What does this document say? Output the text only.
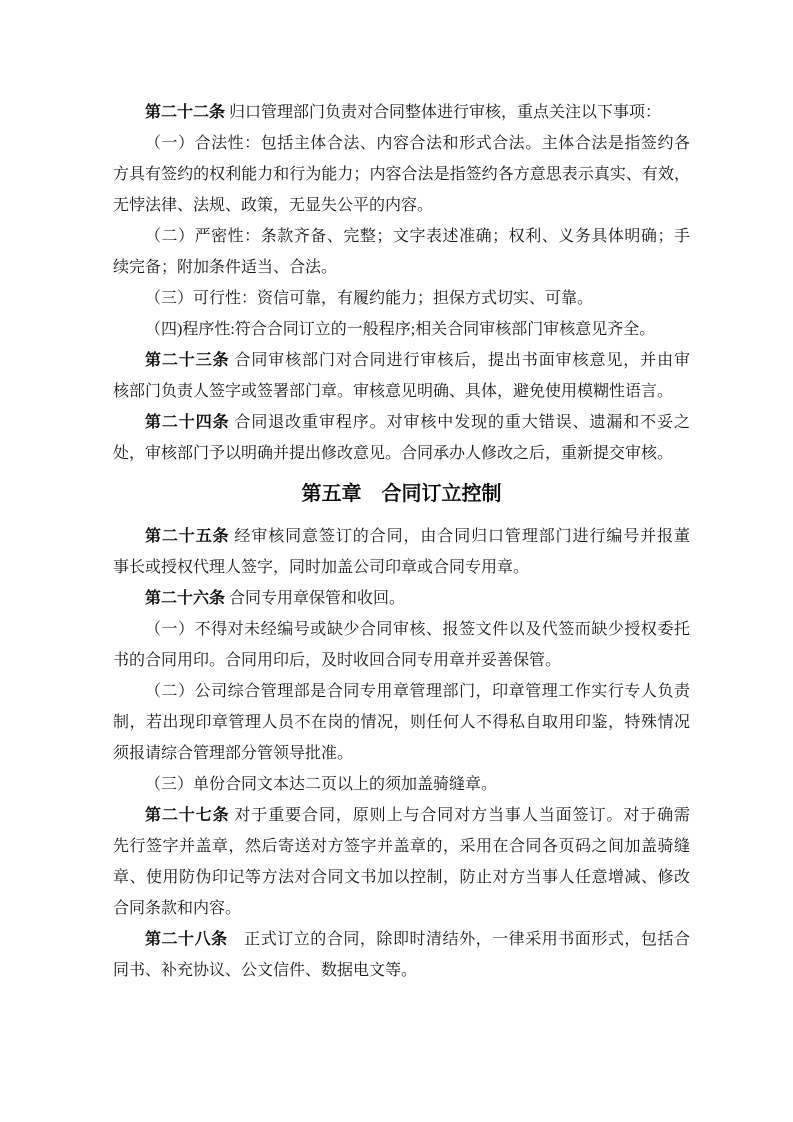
第二十二条 归口管理部门负责对合同整体进行审核，重点关注以下事项：
（一）合法性：包括主体合法、内容合法和形式合法。主体合法是指签约各
方具有签约的权利能力和行为能力；内容合法是指签约各方意思表示真实、有效，
无悖法律、法规、政策，无显失公平的内容。
（二）严密性：条款齐备、完整；文字表述准确；权利、义务具体明确；手
续完备；附加条件适当、合法。
（三）可行性：资信可靠，有履约能力；担保方式切实、可靠。
（四)程序性:符合合同订立的一般程序;相关合同审核部门审核意见齐全。
第二十三条 合同审核部门对合同进行审核后，提出书面审核意见，并由审
核部门负责人签字或签署部门章。审核意见明确、具体，避免使用模糊性语言。
第二十四条 合同退改重审程序。对审核中发现的重大错误、遗漏和不妥之
处，审核部门予以明确并提出修改意见。合同承办人修改之后，重新提交审核。
第五章　合同订立控制
第二十五条 经审核同意签订的合同，由合同归口管理部门进行编号并报董
事长或授权代理人签字，同时加盖公司印章或合同专用章。
第二十六条 合同专用章保管和收回。
（一）不得对未经编号或缺少合同审核、报签文件以及代签而缺少授权委托
书的合同用印。合同用印后，及时收回合同专用章并妥善保管。
（二）公司综合管理部是合同专用章管理部门，印章管理工作实行专人负责
制，若出现印章管理人员不在岗的情况，则任何人不得私自取用印鉴，特殊情况
须报请综合管理部分管领导批准。
（三）单份合同文本达二页以上的须加盖骑缝章。
第二十七条 对于重要合同，原则上与合同对方当事人当面签订。对于确需
先行签字并盖章，然后寄送对方签字并盖章的，采用在合同各页码之间加盖骑缝
章、使用防伪印记等方法对合同文书加以控制，防止对方当事人任意增减、修改
合同条款和内容。
第二十八条　正式订立的合同，除即时清结外，一律采用书面形式，包括合
同书、补充协议、公文信件、数据电文等。
